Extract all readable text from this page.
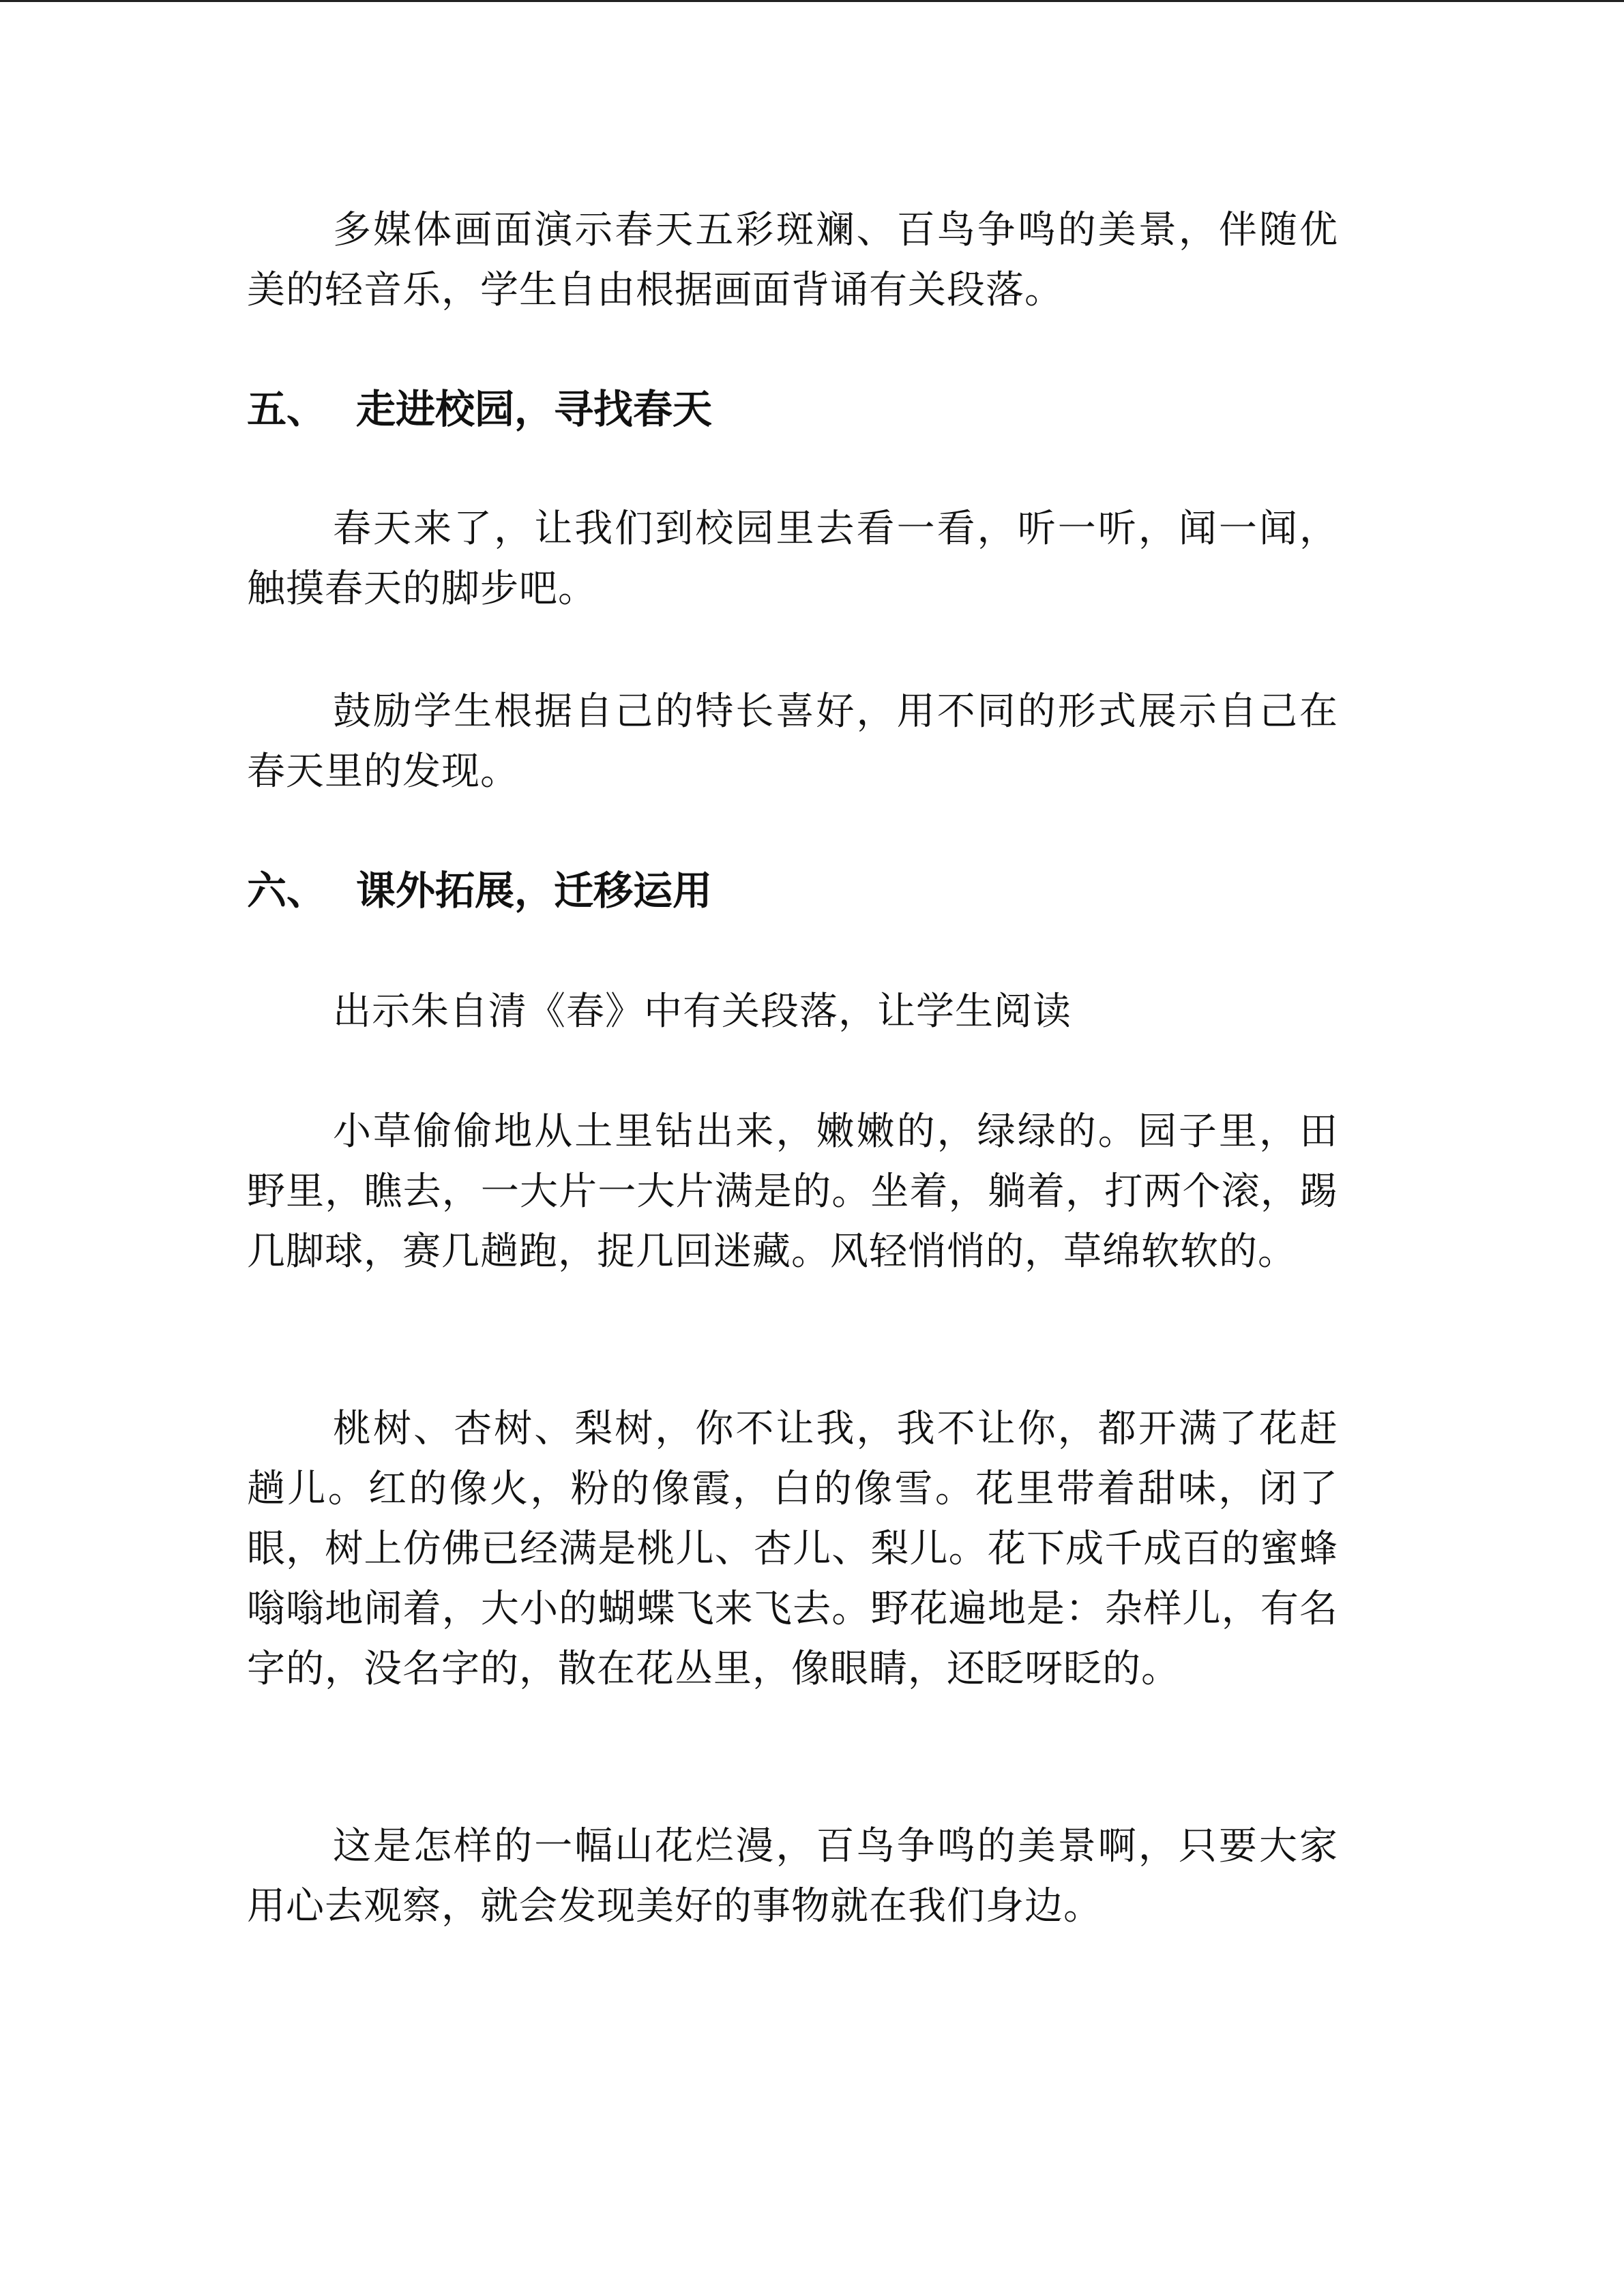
多媒体画面演示春天五彩斑斓、百鸟争鸣的美景，伴随优美的轻音乐，学生自由根据画面背诵有关段落。

五、 走进校园，寻找春天

春天来了，让我们到校园里去看一看，听一听，闻一闻，触摸春天的脚步吧。

鼓励学生根据自己的特长喜好，用不同的形式展示自己在春天里的发现。

六、 课外拓展，迁移运用

出示朱自清《春》中有关段落，让学生阅读

小草偷偷地从土里钻出来，嫩嫩的，绿绿的。园子里，田野里，瞧去，一大片一大片满是的。坐着，躺着，打两个滚，踢几脚球，赛几趟跑，捉几回迷藏。风轻悄悄的，草绵软软的。

桃树、杏树、梨树，你不让我，我不让你，都开满了花赶趟儿。红的像火，粉的像霞，白的像雪。花里带着甜味，闭了眼，树上仿佛已经满是桃儿、杏儿、梨儿。花下成千成百的蜜蜂嗡嗡地闹着，大小的蝴蝶飞来飞去。野花遍地是：杂样儿，有名字的，没名字的，散在花丛里，像眼睛，还眨呀眨的。

这是怎样的一幅山花烂漫，百鸟争鸣的美景啊，只要大家用心去观察，就会发现美好的事物就在我们身边。
